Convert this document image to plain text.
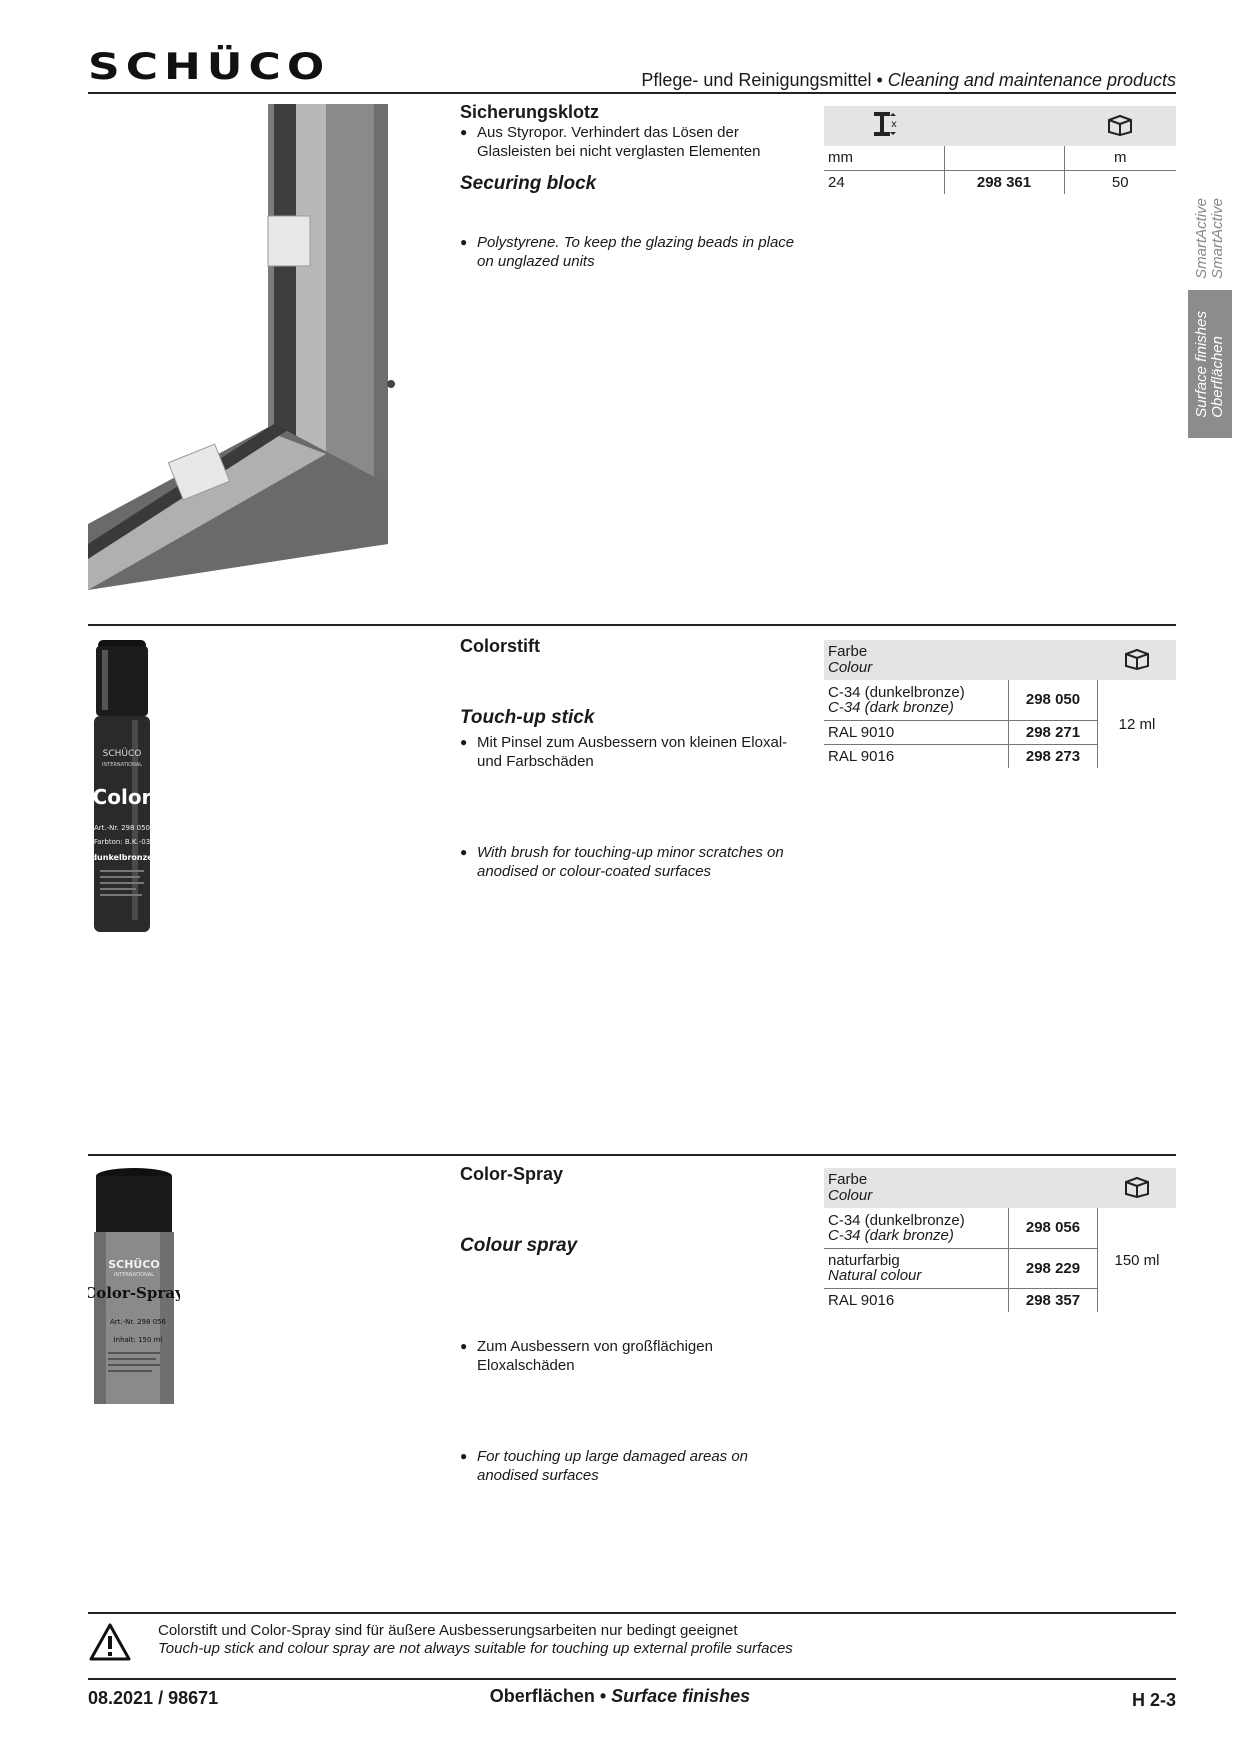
SCHÜCO	Pflege- und Reinigungsmittel • Cleaning and maintenance products
SmartActive
SmartActive
Surface finishes
Oberflächen
Sicherungsklotz
● Aus Styropor. Verhindert das Lösen der Glasleisten bei nicht verglasten Elementen
Securing block
● Polystyrene. To keep the glazing beads in place on unglazed units
x

mm		m
24	298 361	50
SCHÜCO
INTERNATIONAL
Color
Art.-Nr. 298 050
Farbton: B.K.-03
dunkelbronze
Colorstift
● Mit Pinsel zum Ausbessern von kleinen Eloxal- und Farbschäden
Touch-up stick
● With brush for touching-up minor scratches on anodised or colour-coated surfaces
Farbe
Colour

C-34 (dunkelbronze)
C-34 (dark bronze)	298 050	12 ml
RAL 9010	298 271	
RAL 9016	298 273	
SCHÜCO
INTERNATIONAL
Color-Spray
Art.-Nr. 298 056
Inhalt: 150 ml
Color-Spray
● Zum Ausbessern von großflächigen Eloxalschäden
Colour spray
● For touching up large damaged areas on anodised surfaces
Farbe
Colour

C-34 (dunkelbronze)
C-34 (dark bronze)	298 056	150 ml

naturfarbig
Natural colour	298 229	
RAL 9016	298 357	
Colorstift und Color-Spray sind für äußere Ausbesserungsarbeiten nur bedingt geeignet
Touch-up stick and colour spray are not always suitable for touching up external profile surfaces
08.2021 / 98671	Oberflächen • Surface finishes	H 2-3
